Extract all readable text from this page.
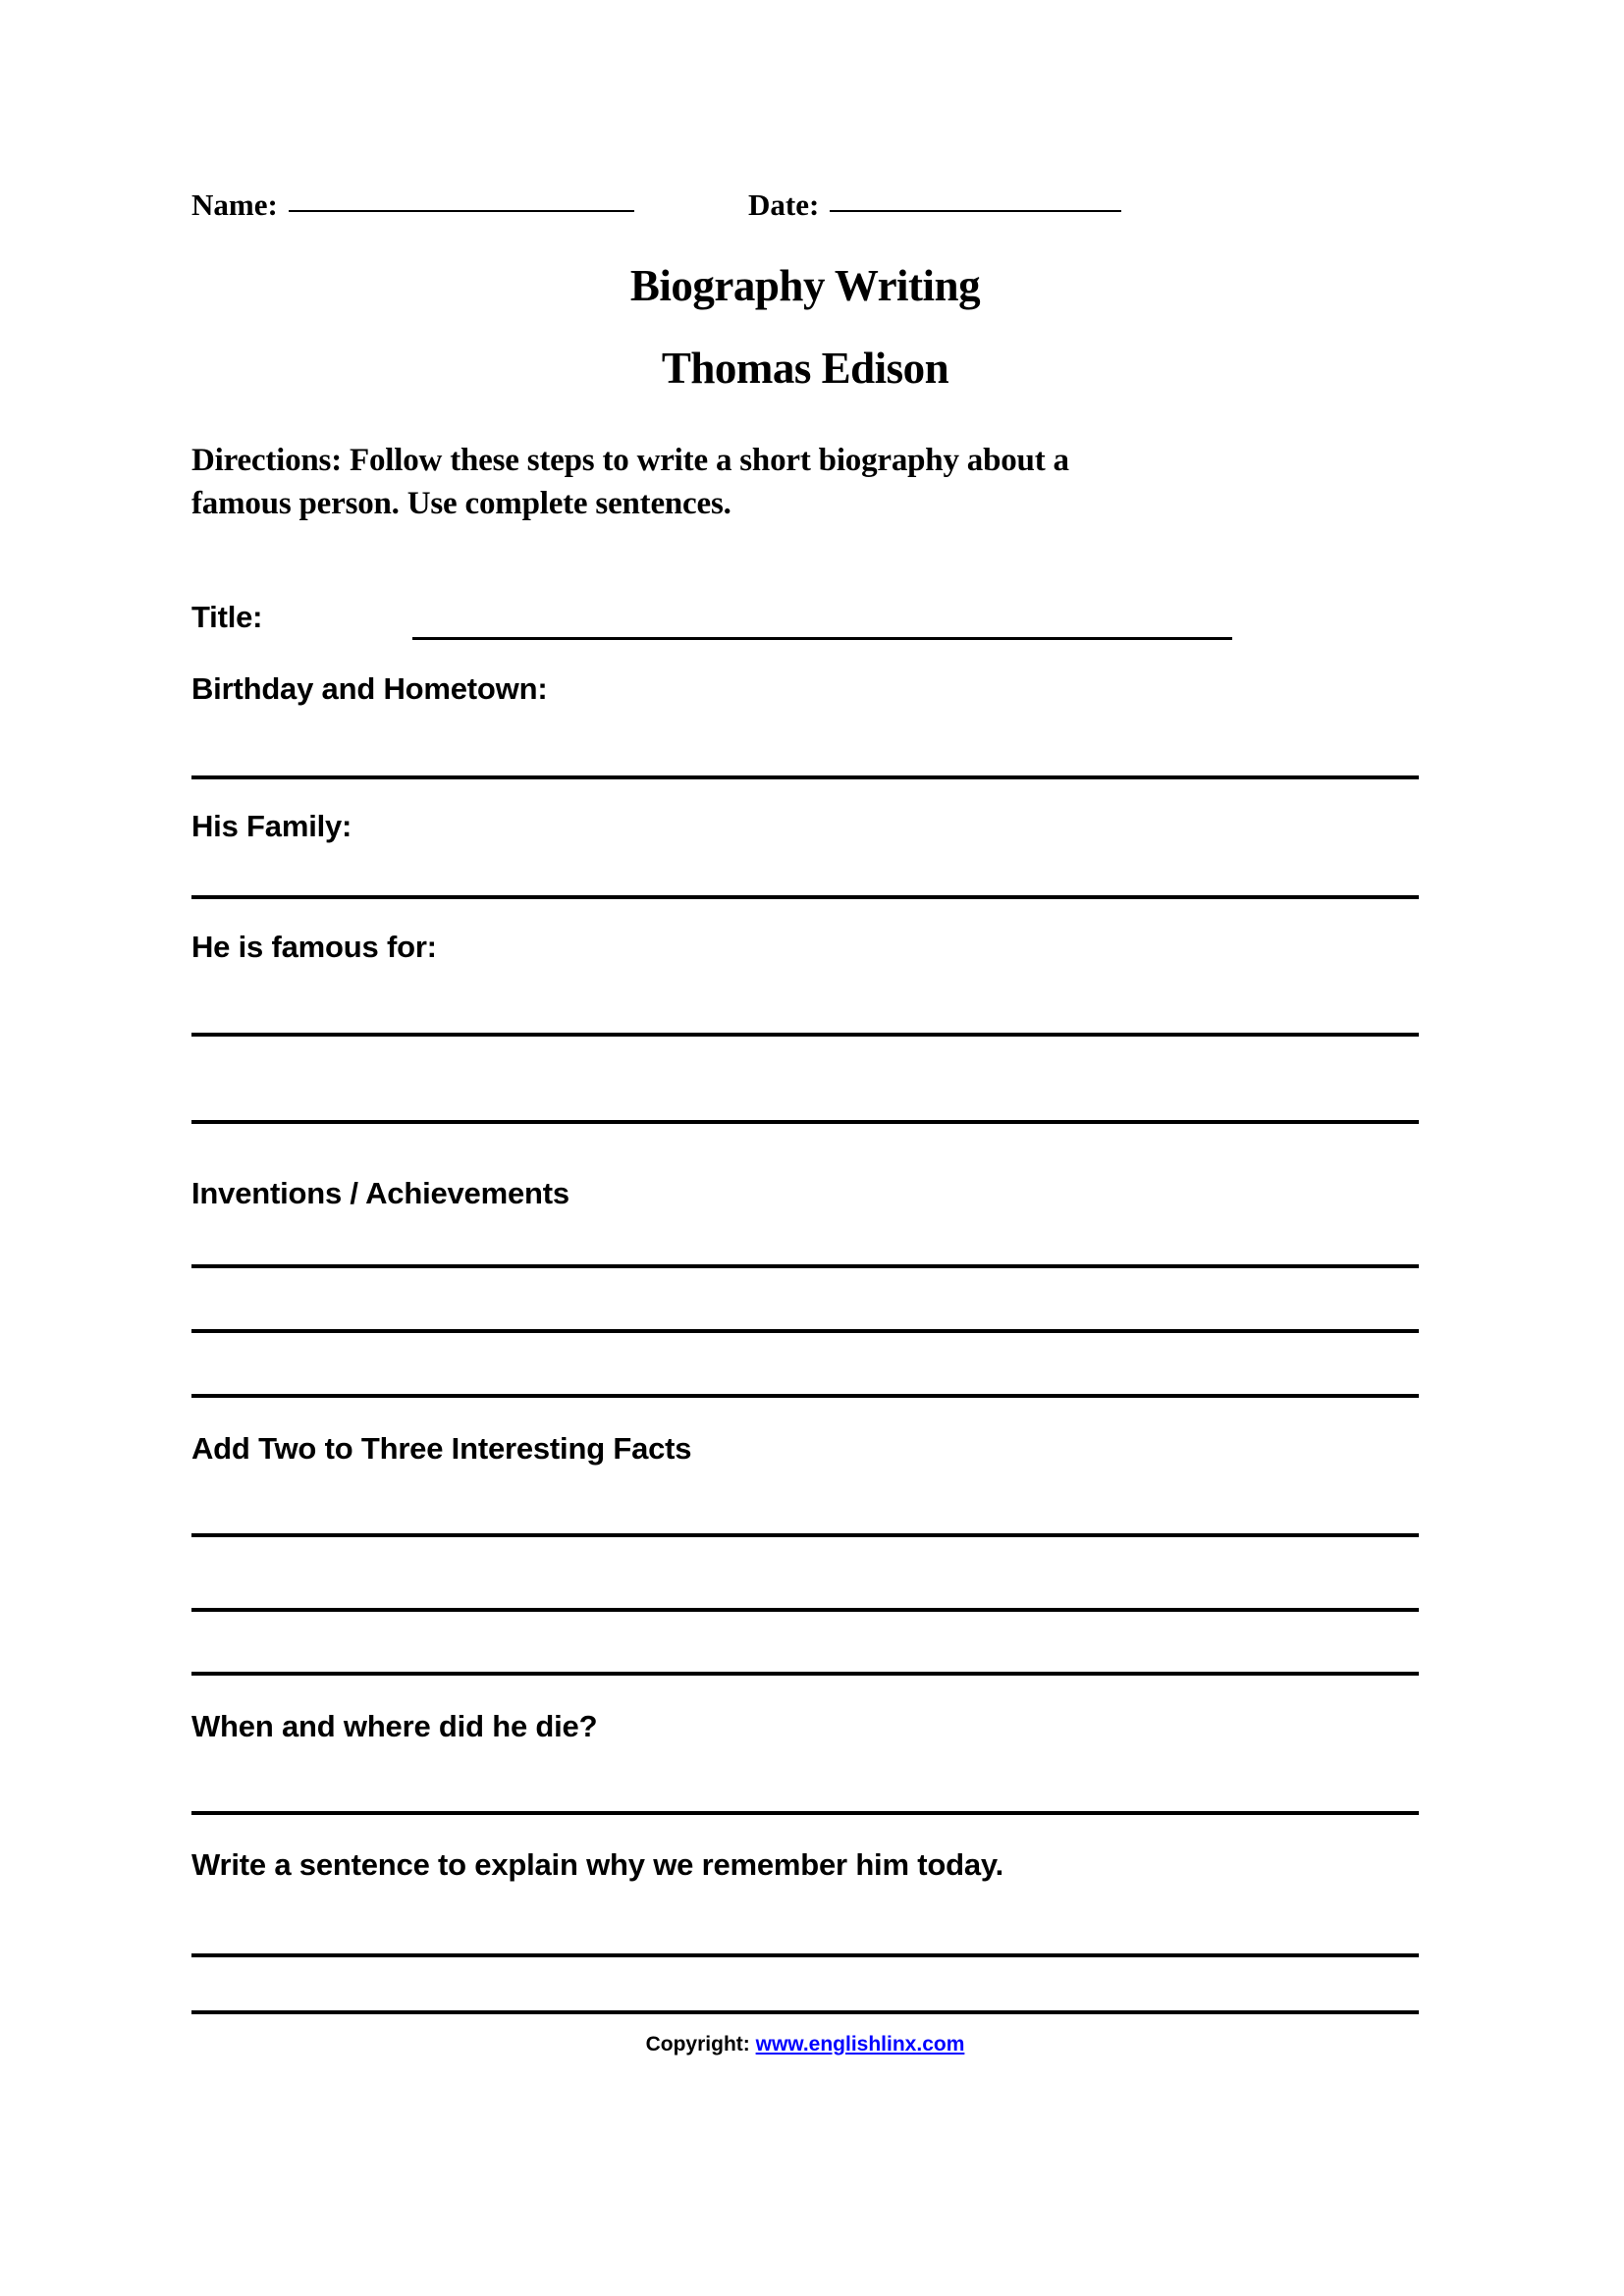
Name:	Date:
Biography Writing
Thomas Edison
Directions: Follow these steps to write a short biography about a
famous person. Use complete sentences.
Title:
Birthday and Hometown:
His Family:
He is famous for:
Inventions / Achievements
Add Two to Three Interesting Facts
When and where did he die?
Write a sentence to explain why we remember him today.
Copyright: www.englishlinx.com
